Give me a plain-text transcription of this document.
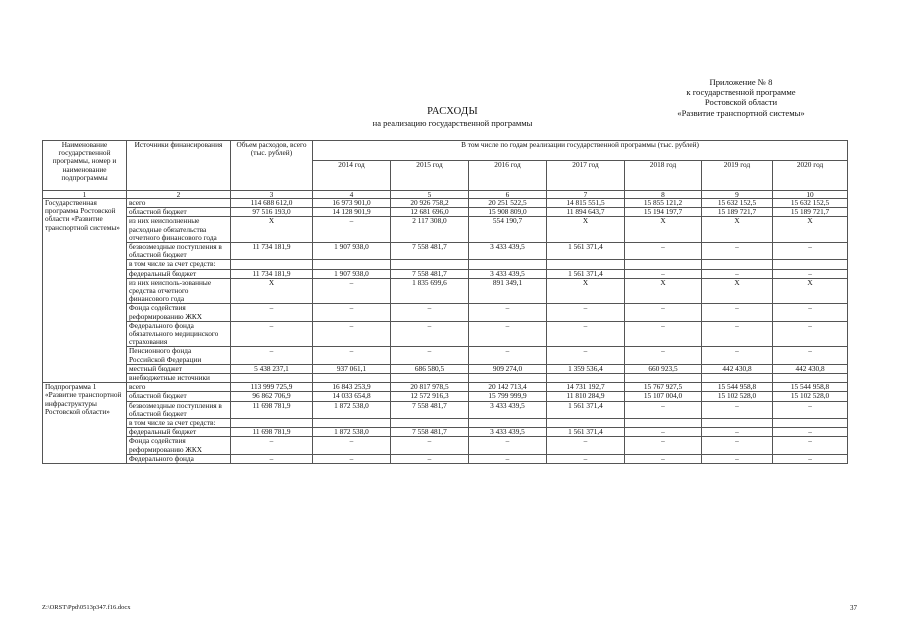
Приложение № 8
к государственной программе
Ростовской области
«Развитие транспортной системы»
РАСХОДЫ
на реализацию государственной программы
Наименование государственной программы, номер и наименование подпрограммы	Источники финансирования	Объем расходов, всего (тыс. рублей)	В том числе по годам реализации государственной программы (тыс. рублей)						
			2014 год	2015 год	2016 год	2017 год	2018 год	2019 год	2020 год
1	2	3	4	5	6	7	8	9	10
Государственная программа Ростовской области «Развитие транспортной системы»	всего	114 688 612,0	16 973 901,0	20 926 758,2	20 251 522,5	14 815 551,5	15 855 121,2	15 632 152,5	15 632 152,5
	областной бюджет	97 516 193,0	14 128 901,9	12 681 696,0	15 908 809,0	11 894 643,7	15 194 197,7	15 189 721,7	15 189 721,7
	из них неисполненные расходные обязательства отчетного финансового года	Х	–	2 117 308,0	554 190,7	Х	Х	Х	Х
	безвозмездные поступления в областной бюджет	11 734 181,9	1 907 938,0	7 558 481,7	3 433 439,5	1 561 371,4	–	–	–
	в том числе за счет средств:								
	федеральный бюджет	11 734 181,9	1 907 938,0	7 558 481,7	3 433 439,5	1 561 371,4	–	–	–
	из них неисполь-зованные средства отчетного финансового года	Х	–	1 835 699,6	891 349,1	Х	Х	Х	Х
	Фонда содействия реформированию ЖКХ	–	–	–	–	–	–	–	–
	Федерального фонда обязательного медицинского страхования	–	–	–	–	–	–	–	–
	Пенсионного фонда Российской Федерации	–	–	–	–	–	–	–	–
	местный бюджет	5 438 237,1	937 061,1	686 580,5	909 274,0	1 359 536,4	660 923,5	442 430,8	442 430,8
	внебюджетные источники								
Подпрограмма 1 «Развитие транспортной инфраструктуры Ростовской области»	всего	113 999 725,9	16 843 253,9	20 817 978,5	20 142 713,4	14 731 192,7	15 767 927,5	15 544 958,8	15 544 958,8
	областной бюджет	96 862 706,9	14 033 654,8	12 572 916,3	15 799 999,9	11 810 284,9	15 107 004,0	15 102 528,0	15 102 528,0
	безвозмездные поступления в областной бюджет	11 698 781,9	1 872 538,0	7 558 481,7	3 433 439,5	1 561 371,4	–	–	–
	в том числе за счет средств:								
	федеральный бюджет	11 698 781,9	1 872 538,0	7 558 481,7	3 433 439,5	1 561 371,4	–	–	–
	Фонда содействия реформированию ЖКХ	–	–	–	–	–	–	–	–
	Федерального фонда	–	–	–	–	–	–	–	–
Z:\ORST\Ppd\0513p347.f16.docx	37
